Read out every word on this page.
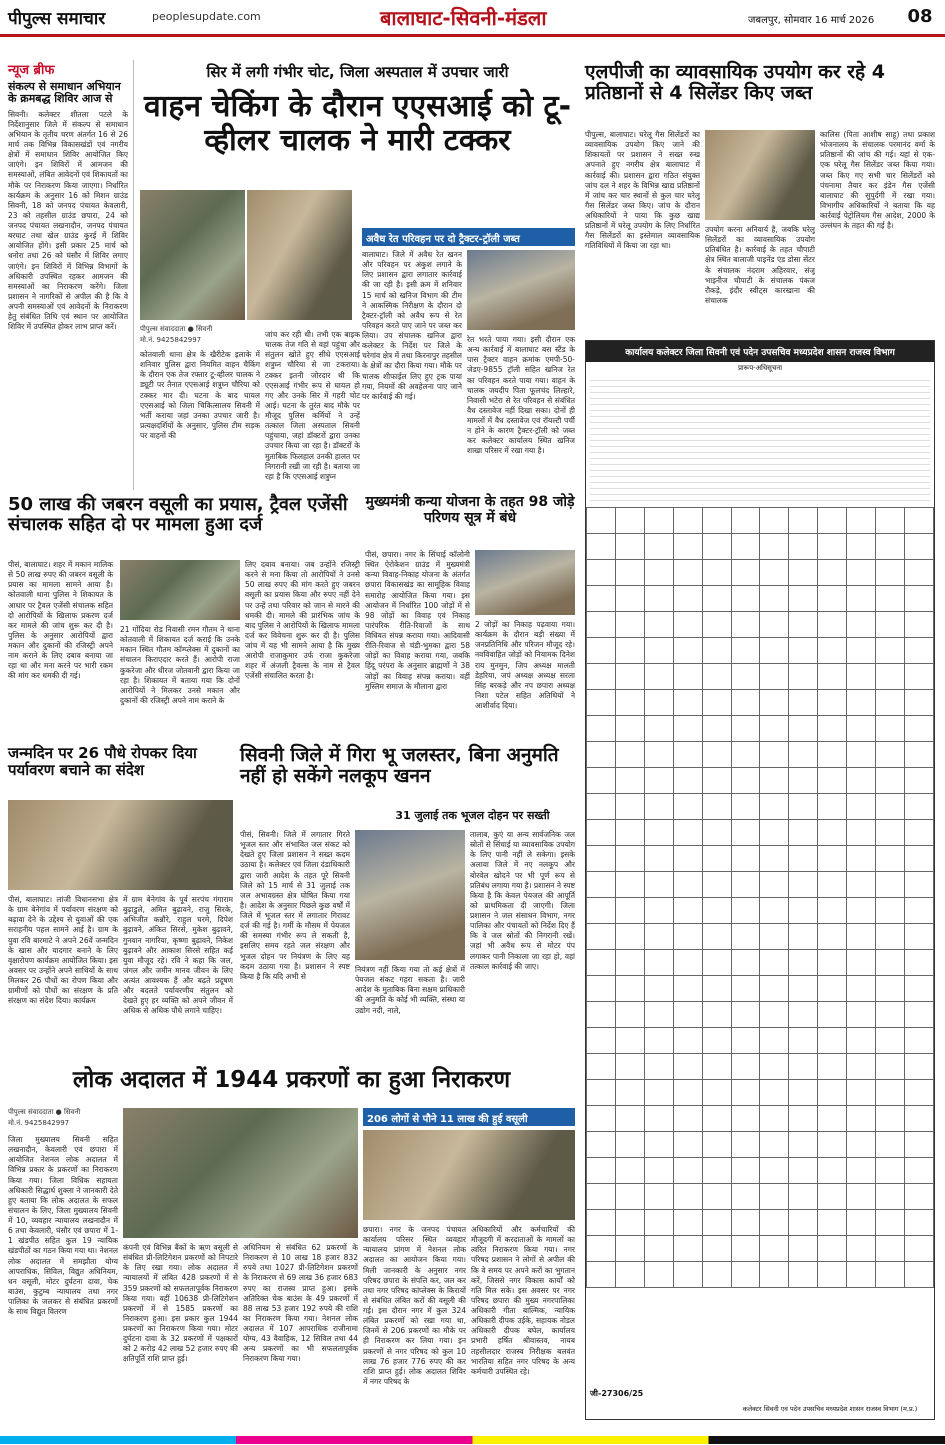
पीपुल्स समाचार	peoplesupdate.com	बालाघाट-सिवनी-मंडला	जबलपुर, सोमवार 16 मार्च 2026	08
न्यूज ब्रीफ
संकल्प से समाधान अभियान के क्रमबद्ध शिविर आज से
सिवनी। कलेक्टर शीतला पटले के निर्देशानुसार जिले में संकल्प से समाधान अभियान के तृतीय चरण अंतर्गत 16 से 26 मार्च तक विभिन्न विकासखंडों एवं नगरीय क्षेत्रों में समाधान शिविर आयोजित किए जाएंगे। इन शिविरों में आमजन की समस्याओं, लंबित आवेदनों एवं शिकायतों का मौके पर निराकरण किया जाएगा। निर्धारित कार्यक्रम के अनुसार 16 को मिशन ग्राउंड सिवनी, 18 को जनपद पंचायत केवलारी, 23 को तहसील ग्राउंड छपारा, 24 को जनपद पंचायत लखनादौन, जनपद पंचायत बरघाट तथा खेल ग्राउंड कुरई में शिविर आयोजित होंगे। इसी प्रकार 25 मार्च को धनोरा तथा 26 को घंसौर में शिविर लगाए जाएंगे। इन शिविरों में विभिन्न विभागों के अधिकारी उपस्थित रहकर आमजन की समस्याओं का निराकरण करेंगे। जिला प्रशासन ने नागरिकों से अपील की है कि वे अपनी समस्याओं एवं आवेदनों के निराकरण हेतु संबंधित तिथि एवं स्थान पर आयोजित शिविर में उपस्थित होकर लाभ प्राप्त करें।
सिर में लगी गंभीर चोट, जिला अस्पताल में उपचार जारी
वाहन चेकिंग के दौरान एएसआई को टू-व्हीलर चालक ने मारी टक्कर
पीपुल्स संवाददाता ● सिवनी
मो.नं. 9425842997
कोतवाली थाना क्षेत्र के खैरीटेक इलाके में शनिवार पुलिस द्वारा नियमित वाहन चैकिंग के दौरान एक तेज रफ्तार टू-व्हीलर चालक ने ड्यूटी पर तैनात एएसआई शत्रुघ्न चौरिया को टक्कर मार दी। घटना के बाद घायल एएसआई को जिला चिकित्सालय सिवनी में भर्ती कराया जहां उनका उपचार जारी है। प्रत्यक्षदर्शियों के अनुसार, पुलिस टीम सड़क पर वाहनों की
जांच कर रही थी। तभी एक बाइक चालक तेज गति से वहां पहुंचा और संतुलन खोते हुए सीधे एएसआई शत्रुघ्न चौरिया से जा टकराया। टक्कर इतनी जोरदार थी कि एएसआई गंभीर रूप से घायल हो गए और उनके सिर में गहरी चोट आई। घटना के तुरंत बाद मौके पर मौजूद पुलिस कर्मियों ने उन्हें तत्काल जिला अस्पताल सिवनी पहुंचाया, जहां डॉक्टरों द्वारा उनका उपचार किया जा रहा है। डॉक्टरों के मुताबिक फिलहाल उनकी हालत पर निगरानी रखी जा रही है। बताया जा रहा है कि एएसआई शत्रुघ्न
अवैध रेत परिवहन पर दो ट्रैक्टर-ट्रॉली जब्त
बालाघाट। जिले में अवैध रेत खनन और परिवहन पर अंकुश लगाने के लिए प्रशासन द्वारा लगातार कार्रवाई की जा रही है। इसी क्रम में शनिवार 15 मार्च को खनिज विभाग की टीम ने आकस्मिक निरीक्षण के दौरान दो ट्रैक्टर-ट्रॉली को अवैध रूप से रेत परिवहन करते पाए जाने पर जब्त कर लिया। उप संचालक खनिज द्वारा कलेक्टर के निर्देश पर जिले के चरेगांव क्षेत्र में तथा किरनापुर तहसील के क्षेत्रों का दौरा किया गया। मौके पर चालक शीफाईल लिए हुए ट्रक पाया गया, नियमों की अवहेलना पाए जाने पर कार्रवाई की गई।
रेत भरते पाया गया। इसी दौरान एक अन्य कार्रवाई में बालाघाट बस स्टैंड के पास ट्रैक्टर वाहन क्रमांक एमपी-50-जेडए-9855 ट्रॉली सहित खनिज रेत का परिवहन करते पाया गया। वाहन के चालक जयदीप पिता फूलचंद लिल्हारे, निवासी भटेरा से रेत परिवहन से संबंधित वैध दस्तावेज नहीं दिखा सका। दोनों ही मामलों में वैध दस्तावेज एवं रॉयल्टी पर्ची न होने के कारण ट्रैक्टर-ट्रॉली को जब्त कर कलेक्टर कार्यालय स्थित खनिज शाखा परिसर में रखा गया है।
एलपीजी का व्यावसायिक उपयोग कर रहे 4 प्रतिष्ठानों से 4 सिलेंडर किए जब्त
पीपुल्स, बालाघाट। घरेलू गैस सिलेंडरों का व्यावसायिक उपयोग किए जाने की शिकायतों पर प्रशासन ने सख्त रुख अपनाते हुए नगरीय क्षेत्र बालाघाट में कार्रवाई की। प्रशासन द्वारा गठित संयुक्त जांच दल ने शहर के विभिन्न खाद्य प्रतिष्ठानों में जांच कर चार स्थानों से कुल चार घरेलू गैस सिलेंडर जब्त किए। जांच के दौरान अधिकारियों ने पाया कि कुछ खाद्य प्रतिष्ठानों में घरेलू उपयोग के लिए निर्धारित गैस सिलेंडरों का इस्तेमाल व्यावसायिक गतिविधियों में किया जा रहा था।
उपयोग करना अनिवार्य है, जबकि घरेलू सिलेंडरों का व्यावसायिक उपयोग प्रतिबंधित है। कार्रवाई के तहत चौपाटी क्षेत्र स्थित बालाजी पाइनेंड एंड डोसा सेंटर के संचालक नंदराम अहिरवार, संजू भाइनीज चौपाटी के संचालक पंकज रौकड़े, इंदौर स्वीट्स कारखाना की संचालक
कालिस (पिता आशीष साहू) तथा प्रकाश भोजनालय के संचालक परमानंद वर्मा के प्रतिष्ठानों की जांच की गई। यहां से एक-एक घरेलू गैस सिलेंडर जब्त किया गया। जब्त किए गए सभी चार सिलेंडरों को पंचनामा तैयार कर इंडेन गैस एजेंसी बालाघाट की सुपुर्दगी में रखा गया। विभागीय अधिकारियों ने बताया कि यह कार्रवाई पेट्रोलियम गैस आदेश, 2000 के उल्लंघन के तहत की गई है।
कार्यालय कलेक्टर जिला सिवनी एवं पदेन उपसचिव मध्यप्रदेश शासन राजस्व विभाग
प्रारूप-अधिसूचना

जी-27306/25
कलेक्टर सिवनी एवं पदेन उपसचिव मध्यप्रदेश शासन राजस्व विभाग (म.प्र.)
50 लाख की जबरन वसूली का प्रयास, ट्रैवल एजेंसी संचालक सहित दो पर मामला हुआ दर्ज
पीसं, बालाघाट। शहर में मकान मालिक से 50 लाख रुपए की जबरन वसूली के प्रयास का मामला सामने आया है। कोतवाली थाना पुलिस ने शिकायत के आधार पर ट्रैवल एजेंसी संचालक सहित दो आरोपियों के खिलाफ प्रकरण दर्ज कर मामले की जांच शुरू कर दी है। पुलिस के अनुसार आरोपियों द्वारा मकान और दुकानों की रजिस्ट्री अपने नाम कराने के लिए दबाव बनाया जा रहा था और मना करने पर भारी रकम की मांग कर धमकी दी गई।
21 गोंदिया रोड निवासी रमन गौतम ने थाना कोतवाली में शिकायत दर्ज कराई कि उनके मकान स्थित गौतम कॉम्प्लेक्स में दुकानों का संचालन किराएदार करते हैं। आरोपी राजा कुकरेजा और धीरज जोतवानी द्वारा किया जा रहा है। शिकायत में बताया गया कि दोनों आरोपियों ने मिलकर उनसे मकान और दुकानों की रजिस्ट्री अपने नाम कराने के
लिए दबाव बनाया। जब उन्होंने रजिस्ट्री करने से मना किया तो आरोपियों ने उनसे 50 लाख रुपए की मांग करते हुए जबरन वसूली का प्रयास किया और रुपए नहीं देने पर उन्हें तथा परिवार को जान से मारने की धमकी दी। मामले की प्रारंभिक जांच के बाद पुलिस ने आरोपियों के खिलाफ मामला दर्ज कर विवेचना शुरू कर दी है। पुलिस जांच में यह भी सामने आया है कि मुख्य आरोपी राजाकुमार उर्फ राजा कुकरेजा शहर में अंजली ट्रैवल्स के नाम से ट्रैवल एजेंसी संचालित करता है।
मुख्यमंत्री कन्या योजना के तहत 98 जोड़े परिणय सूत्र में बंधे
पीसं, छपारा। नगर के सिंचाई कॉलोनी स्थित ऐरोकेशन ग्राउंड में मुख्यमंत्री कन्या विवाह-निकाह योजना के अंतर्गत छपारा विकासखंड का सामूहिक विवाह समारोह आयोजित किया गया। इस आयोजन में निर्धारित 100 जोड़ों में से 98 जोड़ों का विवाह एवं निकाह पारंपरिक रीति-रिवाजों के साथ विधिवत संपन्न कराया गया। आदिवासी रीति-रिवाज से चंडी-भुमका द्वारा 58 जोड़ों का विवाह कराया गया, जबकि हिंदू परंपरा के अनुसार ब्राह्मणों ने 38 जोड़ों का विवाह संपन्न कराया। वहीं मुस्लिम समाज के मौलाना द्वारा
2 जोड़ों का निकाह पढ़वाया गया। कार्यक्रम के दौरान बड़ी संख्या में जनप्रतिनिधि और परिजन मौजूद रहे। नवविवाहित जोड़ों को नियामक दिनेश राय मुनमुन, जिप अध्यक्ष मालती डेहरिया, जपं अध्यक्ष अध्यक्ष सरला सिंह बरकड़े और नप छपारा अध्यक्ष निशा पटेल सहित अतिथियों ने आशीर्वाद दिया।
जन्मदिन पर 26 पौधे रोपकर दिया पर्यावरण बचाने का संदेश
पीसं, बालाघाट। लांजी विधानसभा क्षेत्र के ग्राम बेनेगांव में पर्यावरण संरक्षण को बढ़ावा देने के उद्देश्य से युवाओं की एक सराहनीय पहल सामने आई है। ग्राम के युवा रवि बारमाटे ने अपने 26वें जन्मदिन के खास और यादगार बनाने के लिए वृक्षारोपण कार्यक्रम आयोजित किया। इस अवसर पर उन्होंने अपने साथियों के साथ मिलकर 26 पौधों का रोपण किया और ग्रामीणों को पौधों का संरक्षण के प्रति संरक्षण का संदेश दिया। कार्यक्रम
में ग्राम बेनेगांव के पूर्व सरपंच गंगाराम बुढ़ाडुले, अमित बुढ़ावने, राजु सिरके, अभिजीत कन्नौरे, राहुल घरमे, दिपेश बुढ़ावने, अंकित सिरसे, मुकेश बुढ़ावने, गुनवान नागरिया, कृष्णा बुढ़ावने, निकेश बुढ़ावने और आकाश सिरसे सहित कई युवा मौजूद रहे। रवि ने कहा कि जल, जंगल और जमीन मानव जीवन के लिए अत्यंत आवश्यक हैं और बढ़ते प्रदूषण और बदलते पर्यावरणीय संतुलन को देखते हुए हर व्यक्ति को अपने जीवन में अधिक से अधिक पौधे लगाने चाहिए।
सिवनी जिले में गिरा भू जलस्तर, बिना अनुमति नहीं हो सकेंगे नलकूप खनन
31 जुलाई तक भूजल दोहन पर सख्ती
पीसं, सिवनी। जिले में लगातार गिरते भूजल स्तर और संभावित जल संकट को देखते हुए जिला प्रशासन ने सख्त कदम उठाया है। कलेक्टर एवं जिला दंडाधिकारी द्वारा जारी आदेश के तहत पूरे सिवनी जिले को 15 मार्च से 31 जुलाई तक जल अभावग्रस्त क्षेत्र घोषित किया गया है। आदेश के अनुसार पिछले कुछ वर्षों में जिले में भूजल स्तर में लगातार गिरावट दर्ज की गई है। गर्मी के मौसम में पेयजल की समस्या गंभीर रूप ले सकती है, इसलिए समय रहते जल संरक्षण और भूजल दोहन पर नियंत्रण के लिए यह कदम उठाया गया है। प्रशासन ने स्पष्ट किया है कि यदि अभी से
नियंत्रण नहीं किया गया तो कई क्षेत्रों में पेयजल संकट गहरा सकता है। जारी आदेश के मुताबिक बिना सक्षम प्राधिकारी की अनुमति के कोई भी व्यक्ति, संस्था या उद्योग नदी, नाले,
तालाब, कुएं या अन्य सार्वजनिक जल स्रोतों से सिंचाई या व्यावसायिक उपयोग के लिए पानी नहीं ले सकेगा। इसके अलावा जिले में नए नलकूप और बोरवेल खोदने पर भी पूर्ण रूप से प्रतिबंध लगाया गया है। प्रशासन ने स्पष्ट किया है कि केवल पेयजल की आपूर्ति को प्राथमिकता दी जाएगी। जिला प्रशासन ने जल संसाधन विभाग, नगर पालिका और पंचायतों को निर्देश दिए हैं कि वे जल स्रोतों की निगरानी रखें। जहां भी अवैध रूप से मोटर पंप लगाकर पानी निकाला जा रहा हो, वहां तत्काल कार्रवाई की जाए।
लोक अदालत में 1944 प्रकरणों का हुआ निराकरण
पीपुल्स संवाददाता ● सिवनी
मो.नं. 9425842997
जिला मुख्यालय सिवनी सहित लखनादौन, केवलारी एवं छपारा में आयोजित नेशनल लोक अदालत में विभिन्न प्रकार के प्रकरणों का निराकरण किया गया। जिला विधिक सहायता अधिकारी सिद्धार्थ शुक्ला ने जानकारी देते हुए बताया कि लोक अदालत के सफल संचालन के लिए, जिला मुख्यालय सिवनी में 10, व्यवहार न्यायालय लखनादौन में 6 तथा केवलारी, घंसौर एवं छपारा में 1-1 खंडपीठ सहित कुल 19 न्यायिक खंडपीठों का गठन किया गया था। नेशनल लोक अदालत में समझौता योग्य आपराधिक, सिविल, विद्युत अधिनियम, धन वसूली, मोटर दुर्घटना दावा, चेक बाउंस, कुटुम्ब न्यायालय तथा नगर पालिका के जलकर से संबंधित प्रकरणों के साथ विद्युत वितरण
कंपनी एवं विभिन्न बैंकों के ऋण वसूली से संबंधित प्री-लिटिगेशन प्रकरणों को निपटारे के लिए रखा गया। लोक अदालत में न्यायालयों में लंबित 428 प्रकरणों में से 359 प्रकरणों को सफलतापूर्वक निराकरण किया गया। वहीं 10638 प्री-लिटिगेशन प्रकरणों में से 1585 प्रकरणों का निराकरण हुआ। इस प्रकार कुल 1944 प्रकरणों का निराकरण किया गया। मोटर दुर्घटना दावा के 32 प्रकरणों में पक्षकारों को 2 करोड़ 42 लाख 52 हजार रुपए की क्षतिपूर्ति राशि प्राप्त हुई।
अधिनियम से संबंधित 62 प्रकरणों के निराकरण से 10 लाख 18 हजार 832 रुपये तथा 1027 प्री-लिटिगेशन प्रकरणों के निराकरण से 69 लाख 36 हजार 683 रुपए का राजस्व प्राप्त हुआ। इसके अतिरिक्त चेक बाउंस के 49 प्रकरणों में 88 लाख 53 हजार 192 रुपये की राशि का निराकरण किया गया। नेशनल लोक अदालत में 107 आपराधिक राजीनामा योग्य, 43 वैवाहिक, 12 सिविल तथा 44 अन्य प्रकरणों का भी सफलतापूर्वक निराकरण किया गया।
206 लोगों से पौने 11 लाख की हुई वसूली
छपारा। नगर के जनपद पंचायत कार्यालय परिसर स्थित व्यवहार न्यायालय प्रांगण में नेशनल लोक अदालत का आयोजन किया गया। मिली जानकारी के अनुसार नगर परिषद छपारा के संपत्ति कर, जल कर तथा नगर परिषद कांप्लेक्स के किरायों से संबंधित लंबित करों की वसूली की गई। इस दौरान नगर में कुल 324 लंबित प्रकरणों को रखा गया था, जिनमें से 206 प्रकरणों का मौके पर ही निराकरण कर लिया गया। इन प्रकरणों से नगर परिषद को कुल 10 लाख 76 हजार 776 रुपए की कर राशि प्राप्त हुई। लोक अदालत शिविर में नगर परिषद के
अधिकारियों और कर्मचारियों की मौजूदगी में करदाताओं के मामलों का त्वरित निराकरण किया गया। नगर परिषद प्रशासन ने लोगों से अपील की कि वे समय पर अपने करों का भुगतान करें, जिससे नगर विकास कार्यों को गति मिल सके। इस अवसर पर नगर परिषद छपारा की मुख्य नगरपालिका अधिकारी गीता बाल्मिक, न्यायिक अधिकारी दीपक उईके, सहायक नोडल अधिकारी दीपक बघेल, कार्यालय प्रभारी हर्षित श्रीवास्तव, नायब तहसीलदार राजस्व निरीक्षक बलवंत भारतिया सहित नगर परिषद के अन्य कर्मचारी उपस्थित रहे।
